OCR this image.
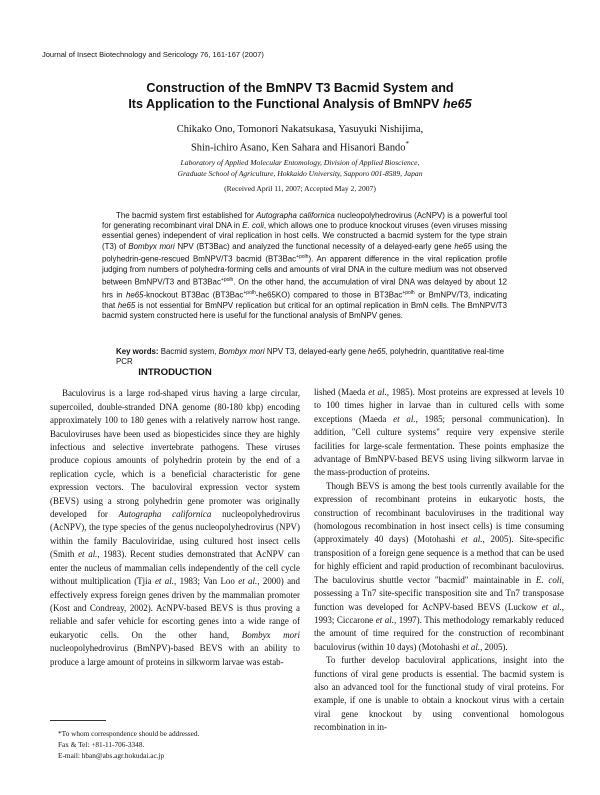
Journal of Insect Biotechnology and Sericology 76, 161-167 (2007)
Construction of the BmNPV T3 Bacmid System and
Its Application to the Functional Analysis of BmNPV he65
Chikako Ono, Tomonori Nakatsukasa, Yasuyuki Nishijima,
Shin-ichiro Asano, Ken Sahara and Hisanori Bando*
Laboratory of Applied Molecular Entomology, Division of Applied Bioscience,
Graduate School of Agriculture, Hokkaido University, Sapporo 001-8589, Japan
(Received April 11, 2007; Accepted May 2, 2007)

The bacmid system first established for Autographa californica nucleopolyhedrovirus (AcNPV) is a powerful tool for generating recombinant viral DNA in E. coli, which allows one to produce knockout viruses (even viruses missing essential genes) independent of viral replication in host cells. We constructed a bacmid system for the type strain (T3) of Bombyx mori NPV (BT3Bac) and analyzed the functional necessity of a delayed-early gene he65 using the polyhedrin-gene-rescued BmNPV/T3 bacmid (BT3Bac$^{+polh}$). An apparent difference in the viral replication profile judging from numbers of polyhedra-forming cells and amounts of viral DNA in the culture medium was not observed between BmNPV/T3 and BT3Bac$^{+polh}$. On the other hand, the accumulation of viral DNA was delayed by about 12 hrs in he65-knockout BT3Bac (BT3Bac$^{+polh}$-he65KO) compared to those in BT3Bac$^{+polh}$ or BmNPV/T3, indicating that he65 is not essential for BmNPV replication but critical for an optimal replication in BmN cells. The BmNPV/T3 bacmid system constructed here is useful for the functional analysis of BmNPV genes.

Key words: Bacmid system, Bombyx mori NPV T3, delayed-early gene he65, polyhedrin, quantitative real-time PCR

INTRODUCTION

Baculovirus is a large rod-shaped virus having a large circular, supercoiled, double-stranded DNA genome (80-180 kbp) encoding approximately 100 to 180 genes with a relatively narrow host range. Baculoviruses have been used as biopesticides since they are highly infectious and selective invertebrate pathogens. These viruses produce copious amounts of polyhedrin protein by the end of a replication cycle, which is a beneficial characteristic for gene expression vectors. The baculoviral expression vector system (BEVS) using a strong polyhedrin gene promoter was originally developed for Autographa californica nucleopolyhedrovirus (AcNPV), the type species of the genus nucleopolyhedrovirus (NPV) within the family Baculoviridae, using cultured host insect cells (Smith et al., 1983). Recent studies demonstrated that AcNPV can enter the nucleus of mammalian cells independently of the cell cycle without multiplication (Tjia et al., 1983; Van Loo et al., 2000) and effectively express foreign genes driven by the mammalian promoter (Kost and Condreay, 2002). AcNPV-based BEVS is thus proving a reliable and safer vehicle for escorting genes into a wide range of eukaryotic cells. On the other hand, Bombyx mori nucleopolyhedrovirus (BmNPV)-based BEVS with an ability to produce a large amount of proteins in silkworm larvae was estab-

lished (Maeda et al., 1985). Most proteins are expressed at levels 10 to 100 times higher in larvae than in cultured cells with some exceptions (Maeda et al., 1985; personal communication). In addition, "Cell culture systems" require very expensive sterile facilities for large-scale fermentation. These points emphasize the advantage of BmNPV-based BEVS using living silkworm larvae in the mass-production of proteins.

Though BEVS is among the best tools currently available for the expression of recombinant proteins in eukaryotic hosts, the construction of recombinant baculoviruses in the traditional way (homologous recombination in host insect cells) is time consuming (approximately 40 days) (Motohashi et al., 2005). Site-specific transposition of a foreign gene sequence is a method that can be used for highly efficient and rapid production of recombinant baculovirus. The baculovirus shuttle vector "bacmid" maintainable in E. coli, possessing a Tn7 site-specific transposition site and Tn7 transposase function was developed for AcNPV-based BEVS (Luckow et al., 1993; Ciccarone et al., 1997). This methodology remarkably reduced the amount of time required for the construction of recombinant baculovirus (within 10 days) (Motohashi et al., 2005).

To further develop baculoviral applications, insight into the functions of viral gene products is essential. The bacmid system is also an advanced tool for the functional study of viral proteins. For example, if one is unable to obtain a knockout virus with a certain viral gene knockout by using conventional homologous recombination in in-

*To whom correspondence should be addressed.
Fax & Tel: +81-11-706-3348.
E-mail: hban@abs.agr.hokudai.ac.jp
